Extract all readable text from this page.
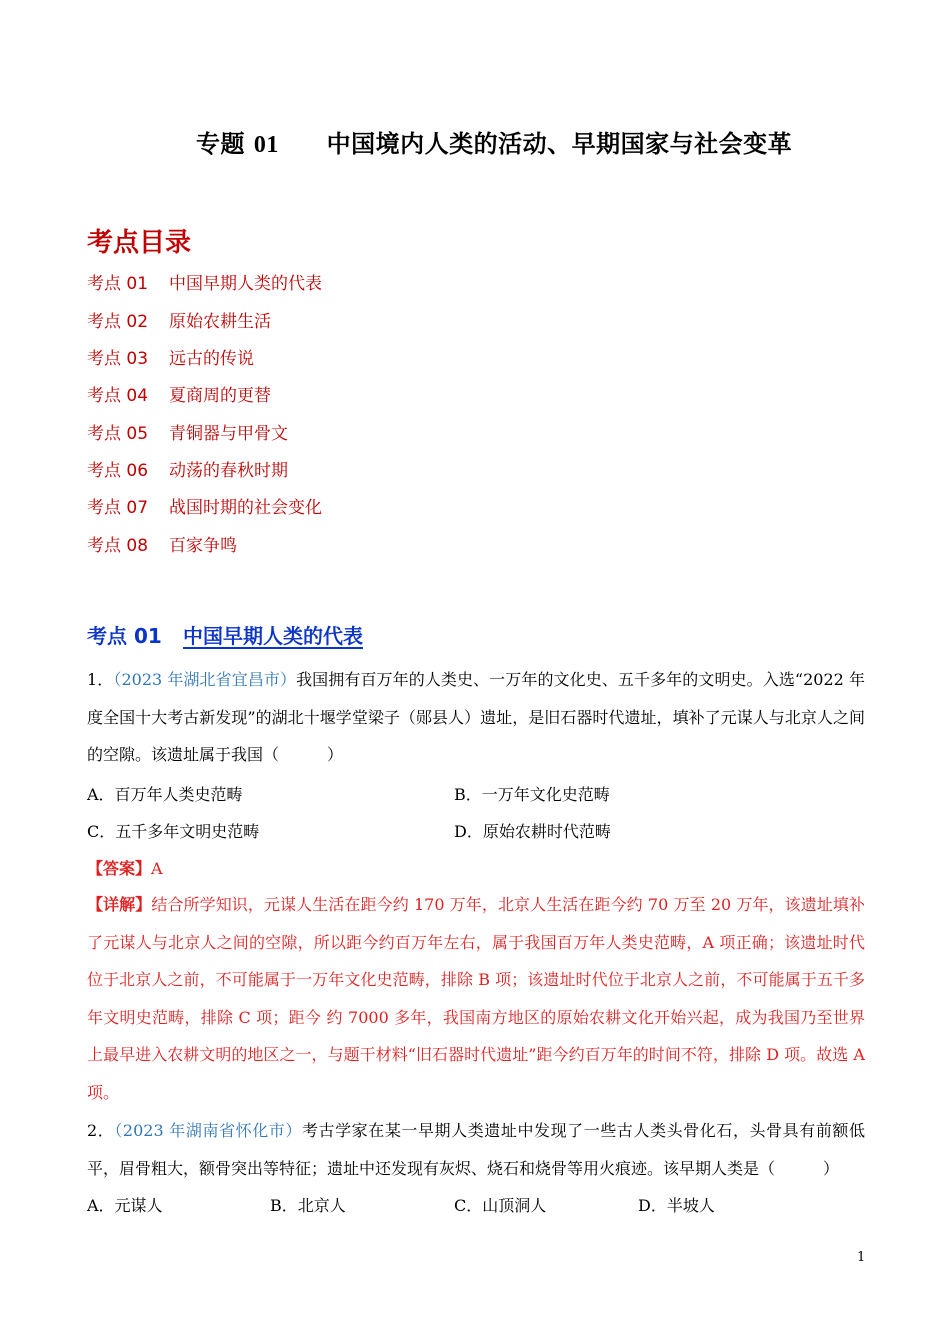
专题 01 中国境内人类的活动、早期国家与社会变革
考点目录
考点 01 中国早期人类的代表
考点 02 原始农耕生活
考点 03 远古的传说
考点 04 夏商周的更替
考点 05 青铜器与甲骨文
考点 06 动荡的春秋时期
考点 07 战国时期的社会变化
考点 08 百家争鸣
考点 01 中国早期人类的代表
1．（2023 年湖北省宜昌市）我国拥有百万年的人类史、一万年的文化史、五千多年的文明史。入选“2022 年度全国十大考古新发现”的湖北十堰学堂梁子（郧县人）遗址，是旧石器时代遗址，填补了元谋人与北京人之间的空隙。该遗址属于我国（　　　）
A．百万年人类史范畴	B．一万年文化史范畴
C．五千多年文明史范畴	D．原始农耕时代范畴
【答案】A
【详解】结合所学知识，元谋人生活在距今约 170 万年，北京人生活在距今约 70 万至 20 万年，该遗址填补了元谋人与北京人之间的空隙，所以距今约百万年左右，属于我国百万年人类史范畴，A 项正确；该遗址时代位于北京人之前，不可能属于一万年文化史范畴，排除 B 项；该遗址时代位于北京人之前，不可能属于五千多年文明史范畴，排除 C 项；距今 约 7000 多年，我国南方地区的原始农耕文化开始兴起，成为我国乃至世界上最早进入农耕文明的地区之一，与题干材料“旧石器时代遗址”距今约百万年的时间不符，排除 D 项。故选 A 项。
2．（2023 年湖南省怀化市）考古学家在某一早期人类遗址中发现了一些古人类头骨化石，头骨具有前额低平，眉骨粗大，额骨突出等特征；遗址中还发现有灰烬、烧石和烧骨等用火痕迹。该早期人类是（　　　）
A．元谋人	B．北京人	C．山顶洞人	D．半坡人
1
